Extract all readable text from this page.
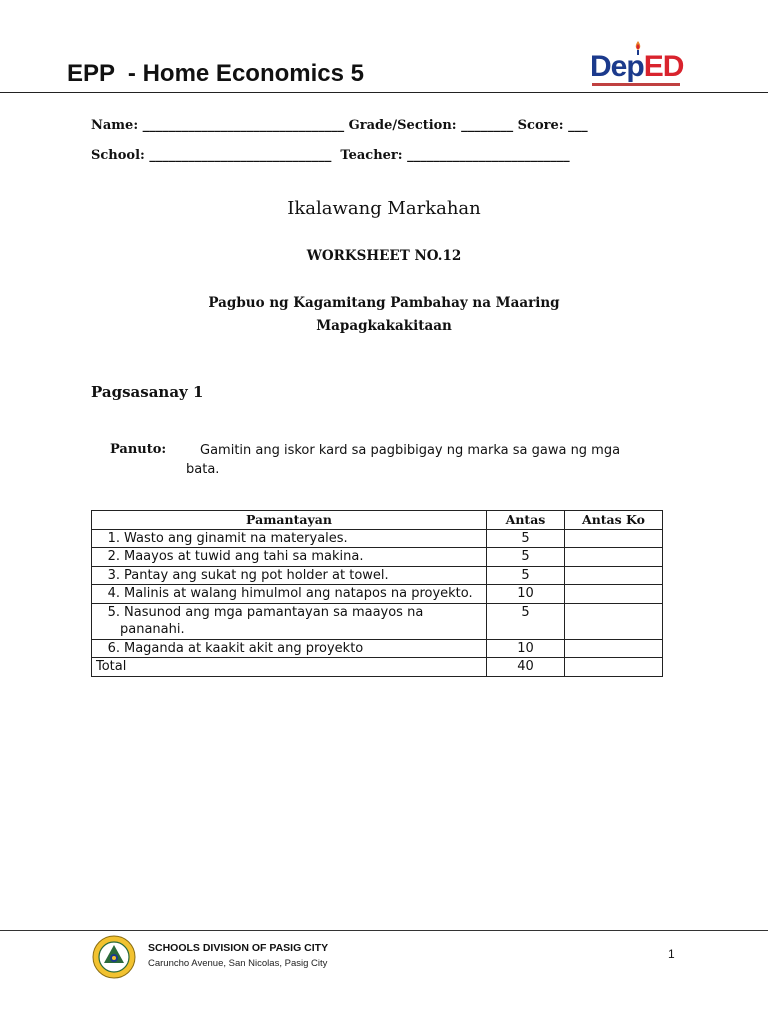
EPP  - Home Economics 5	DepED
Name: _______________________________ Grade/Section: ________ Score: ___
School: ____________________________  Teacher: _________________________
Ikalawang Markahan
WORKSHEET NO.12
Pagbuo ng Kagamitang Pambahay na Maaring
Mapagkakakitaan
Pagsasanay 1
Panuto:	Gamitin ang iskor kard sa pagbibigay ng marka sa gawa ng mga bata.
Pamantayan	Antas	Antas Ko
1. Wasto ang ginamit na materyales.	5	
2. Maayos at tuwid ang tahi sa makina.	5	
3. Pantay ang sukat ng pot holder at towel.	5	
4. Malinis at walang himulmol ang natapos na proyekto.	10	
5. Nasunod ang mga pamantayan sa maayos na pananahi.	5	
6. Maganda at kaakit akit ang proyekto	10	
Total	40	
SCHOOLS DIVISION OF PASIG CITY
Caruncho Avenue, San Nicolas, Pasig City
1
